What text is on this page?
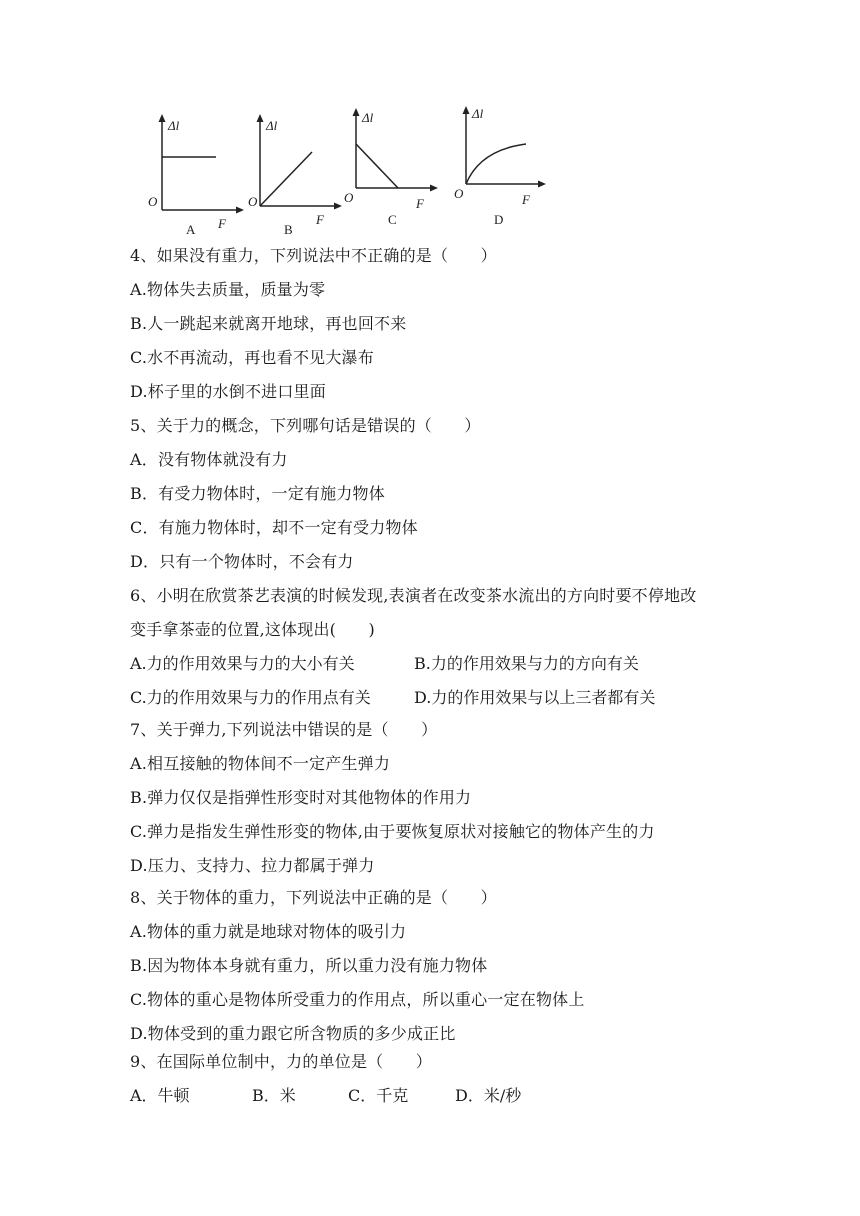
Δl
O
F
A
Δl
O
F
B
Δl
O	F
C
Δl
O	F
D
4、如果没有重力，下列说法中不正确的是（　　）
A.物体失去质量，质量为零
B.人一跳起来就离开地球，再也回不来
C.水不再流动，再也看不见大瀑布
D.杯子里的水倒不进口里面
5、关于力的概念，下列哪句话是错误的（　　）
A．没有物体就没有力
B．有受力物体时，一定有施力物体
C．有施力物体时，却不一定有受力物体
D．只有一个物体时，不会有力
6、小明在欣赏茶艺表演的时候发现,表演者在改变茶水流出的方向时要不停地改
变手拿茶壶的位置,这体现出(　　)
A.力的作用效果与力的大小有关	B.力的作用效果与力的方向有关
C.力的作用效果与力的作用点有关	D.力的作用效果与以上三者都有关
7、关于弹力,下列说法中错误的是（　　）
A.相互接触的物体间不一定产生弹力
B.弹力仅仅是指弹性形变时对其他物体的作用力
C.弹力是指发生弹性形变的物体,由于要恢复原状对接触它的物体产生的力
D.压力、支持力、拉力都属于弹力
8、关于物体的重力，下列说法中正确的是（　　）
A.物体的重力就是地球对物体的吸引力
B.因为物体本身就有重力，所以重力没有施力物体
C.物体的重心是物体所受重力的作用点，所以重心一定在物体上
D.物体受到的重力跟它所含物质的多少成正比
9、在国际单位制中，力的单位是（　　）
A．牛顿	B．米	C．千克	D．米/秒
